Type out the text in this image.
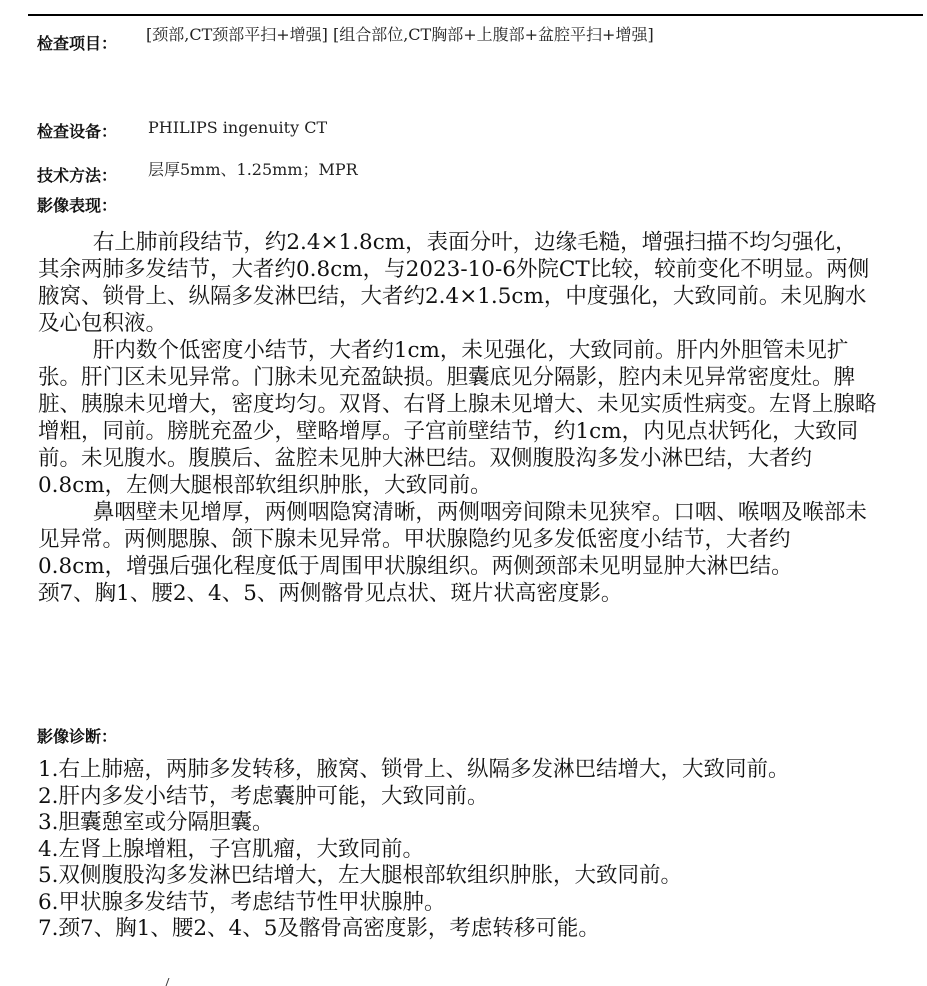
检查项目： [颈部,CT颈部平扫+增强] [组合部位,CT胸部+上腹部+盆腔平扫+增强]
检查设备： PHILIPS ingenuity CT
技术方法： 层厚5mm、1.25mm；MPR
影像表现：

右上肺前段结节，约2.4×1.8cm，表面分叶，边缘毛糙，增强扫描不均匀强化，其余两肺多发结节，大者约0.8cm，与2023-10-6外院CT比较，较前变化不明显。两侧腋窝、锁骨上、纵隔多发淋巴结，大者约2.4×1.5cm，中度强化，大致同前。未见胸水及心包积液。

肝内数个低密度小结节，大者约1cm，未见强化，大致同前。肝内外胆管未见扩张。肝门区未见异常。门脉未见充盈缺损。胆囊底见分隔影，腔内未见异常密度灶。脾脏、胰腺未见增大，密度均匀。双肾、右肾上腺未见增大、未见实质性病变。左肾上腺略增粗，同前。膀胱充盈少，壁略增厚。子宫前壁结节，约1cm，内见点状钙化，大致同前。未见腹水。腹膜后、盆腔未见肿大淋巴结。双侧腹股沟多发小淋巴结，大者约0.8cm，左侧大腿根部软组织肿胀，大致同前。

鼻咽壁未见增厚，两侧咽隐窝清晰，两侧咽旁间隙未见狭窄。口咽、喉咽及喉部未见异常。两侧腮腺、颌下腺未见异常。甲状腺隐约见多发低密度小结节，大者约0.8cm，增强后强化程度低于周围甲状腺组织。两侧颈部未见明显肿大淋巴结。

颈7、胸1、腰2、4、5、两侧髂骨见点状、斑片状高密度影。

影像诊断：
1.右上肺癌，两肺多发转移，腋窝、锁骨上、纵隔多发淋巴结增大，大致同前。
2.肝内多发小结节，考虑囊肿可能，大致同前。
3.胆囊憩室或分隔胆囊。
4.左肾上腺增粗，子宫肌瘤，大致同前。
5.双侧腹股沟多发淋巴结增大，左大腿根部软组织肿胀，大致同前。
6.甲状腺多发结节，考虑结节性甲状腺肿。
7.颈7、胸1、腰2、4、5及髂骨高密度影，考虑转移可能。
